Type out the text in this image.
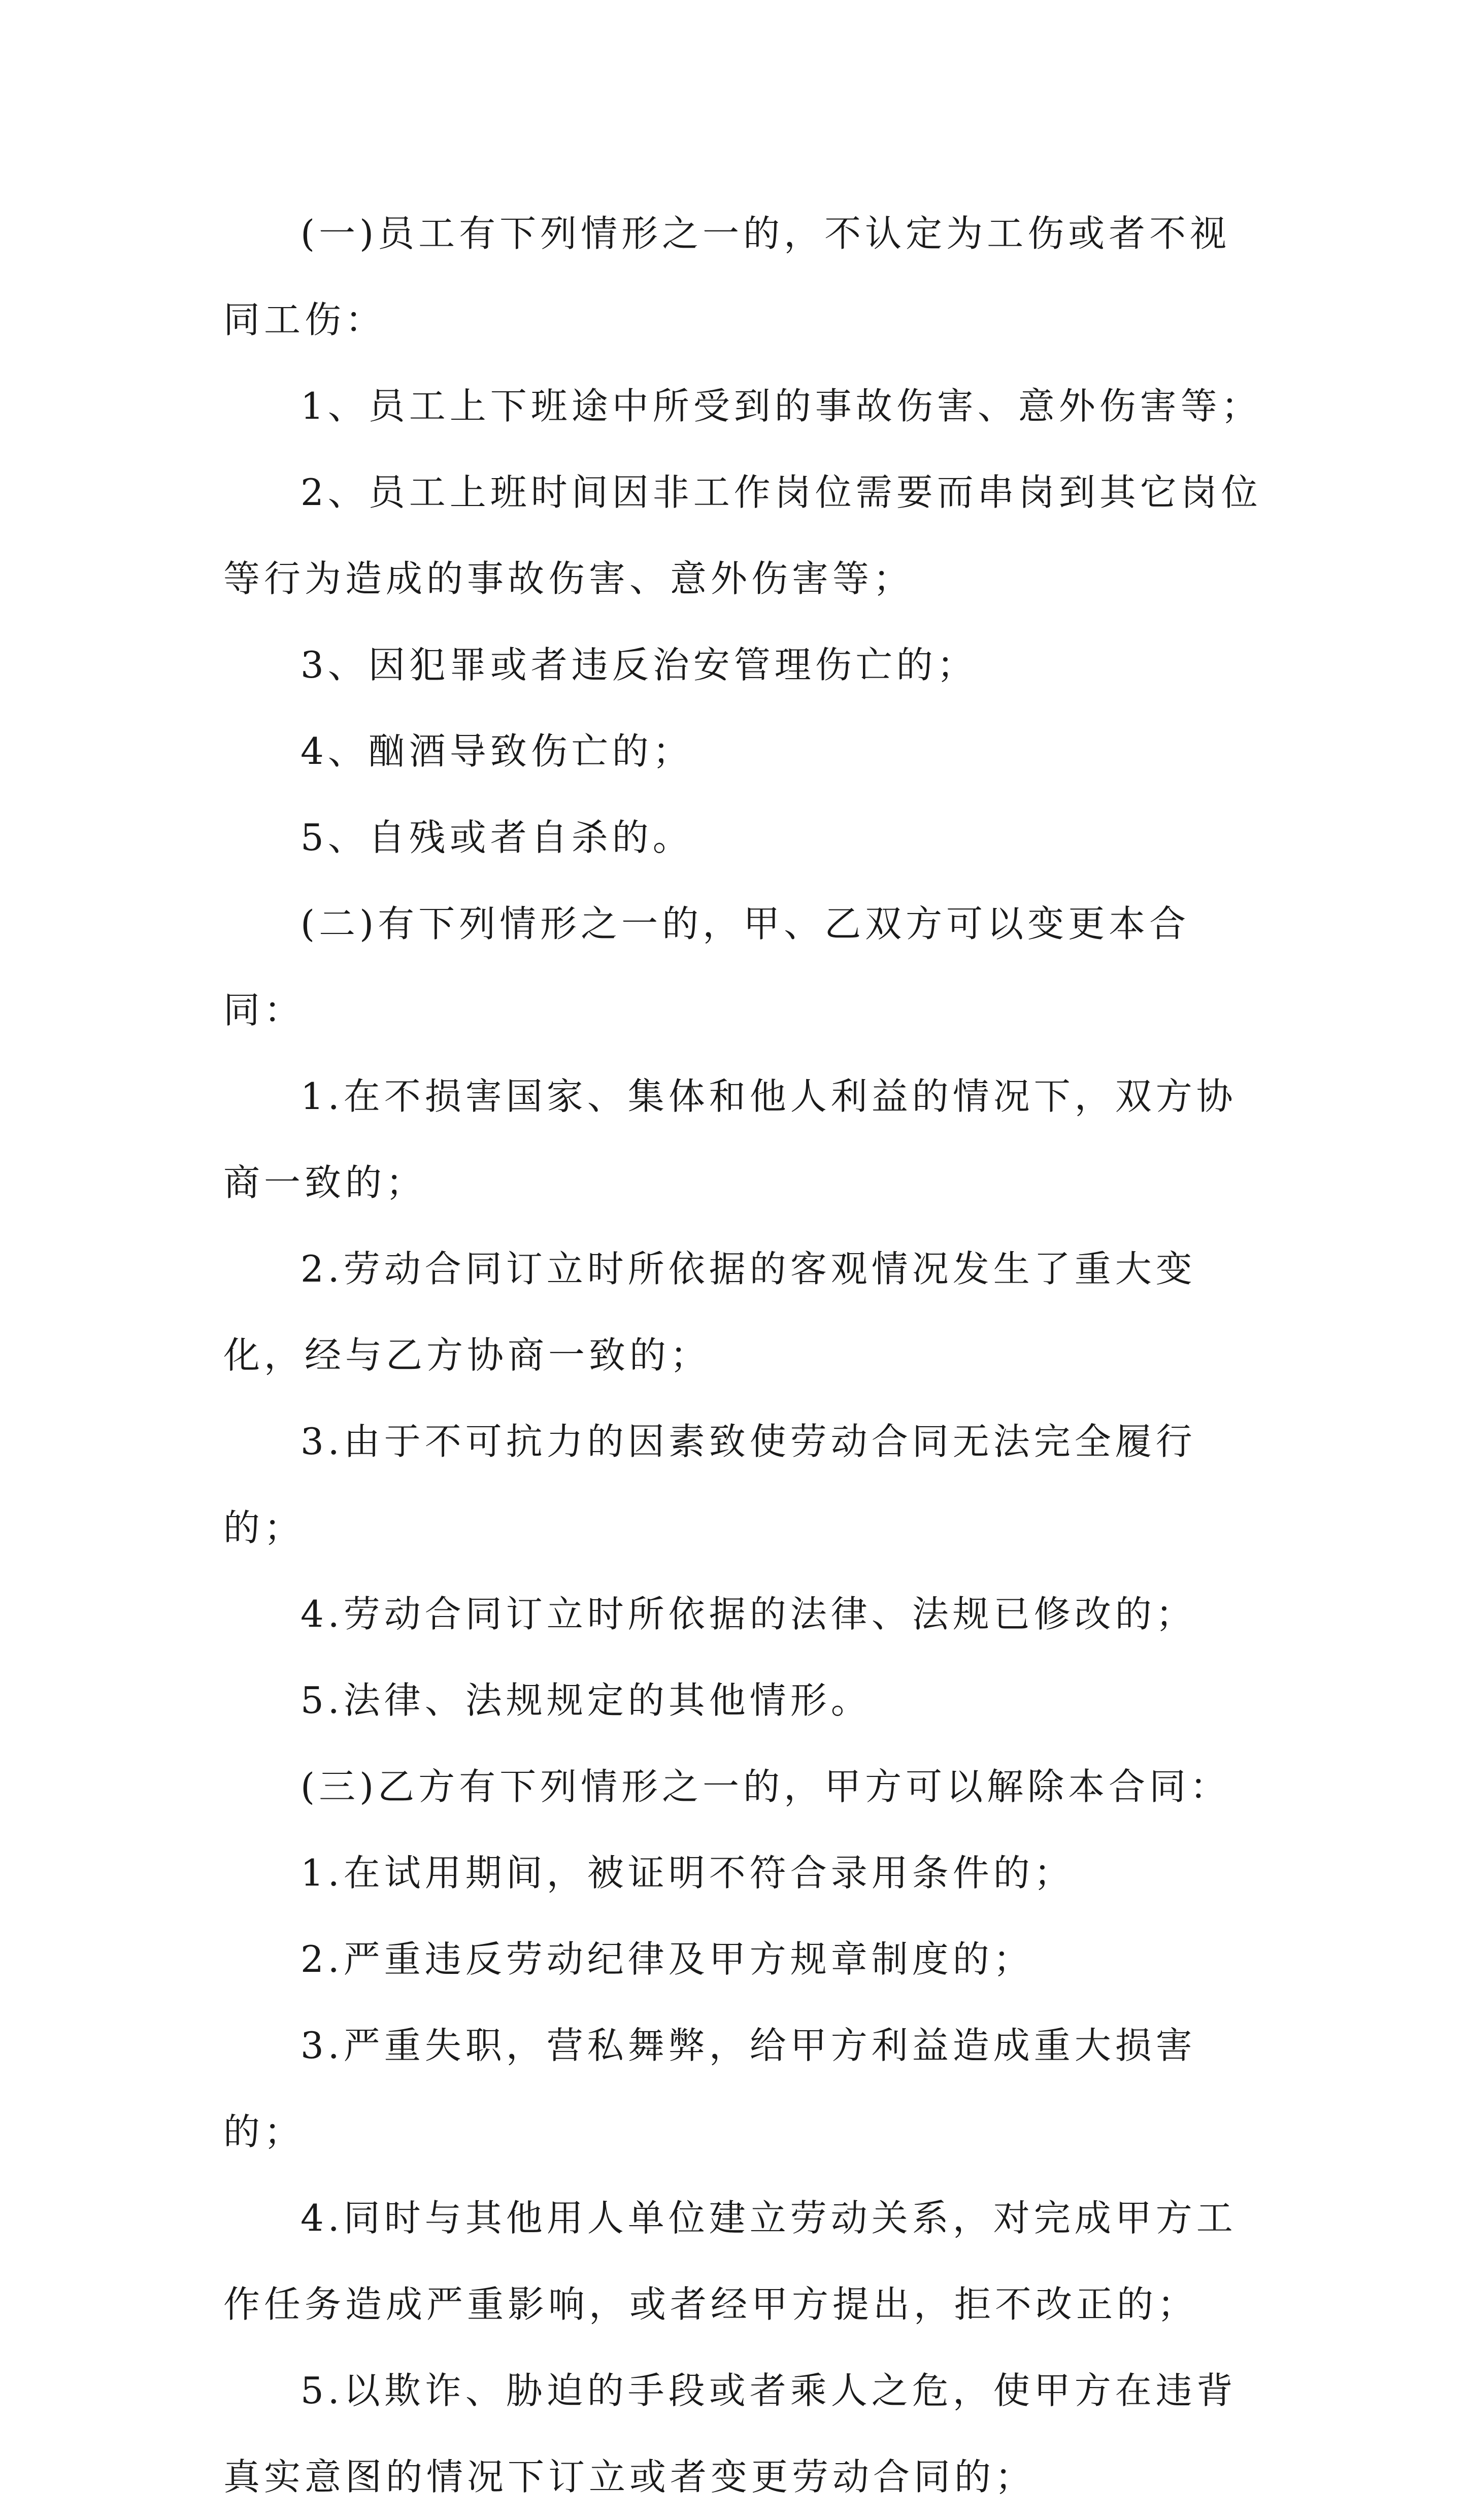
(一)员工有下列情形之一的，不认定为工伤或者不视同工伤：

1、员工上下班途中所受到的事故伤害、意外伤害等；

2、员工上班时间因非工作岗位需要而串岗到其它岗位等行为造成的事故伤害、意外伤害等；

3、因犯罪或者违反治安管理伤亡的；

4、酗酒导致伤亡的；

5、自残或者自杀的。

(二)有下列情形之一的，甲、乙双方可以变更本合同：

1.在不损害国家、集体和他人利益的情况下，双方协商一致的；

2.劳动合同订立时所依据的客观情况发生了重大变化，经与乙方协商一致的；

3.由于不可抗力的因素致使劳动合同无法完全履行的；

4.劳动合同订立时所依据的法律、法规已修改的；

5.法律、法规规定的其他情形。

(三)乙方有下列情形之一的，甲方可以解除本合同：

1.在试用期间，被证明不符合录用条件的；

2.严重违反劳动纪律及甲方规章制度的；

3.严重失职，营私舞弊，给甲方利益造成重大损害的；

4.同时与其他用人单位建立劳动关系，对完成甲方工作任务造成严重影响，或者经甲方提出，拒不改正的；

5.以欺诈、胁迫的手段或者乘人之危，使甲方在违背真实意图的情况下订立或者变更劳动合同的；
